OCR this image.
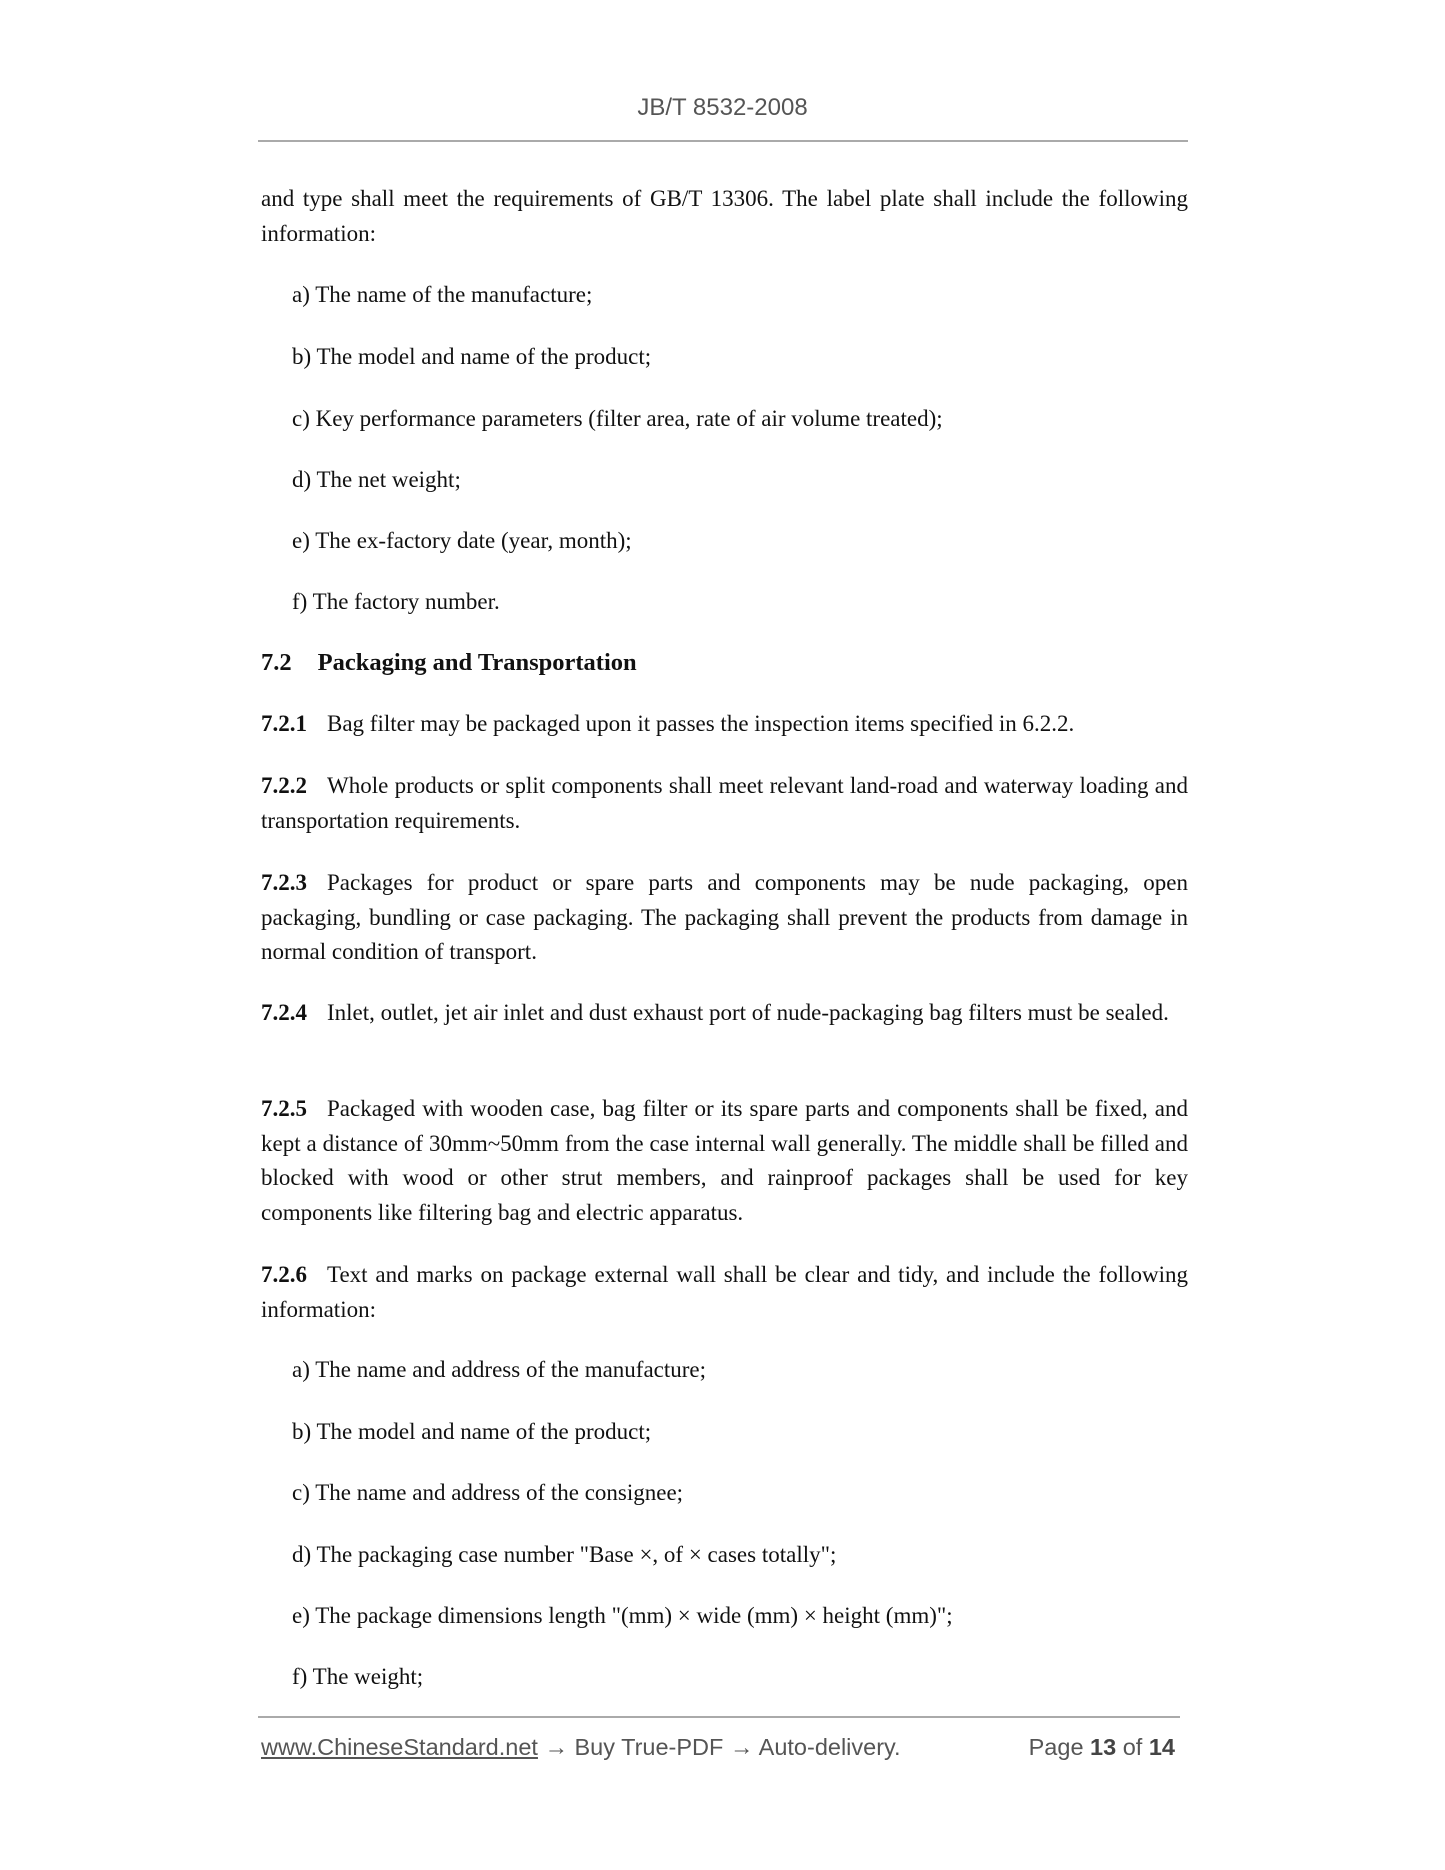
JB/T 8532-2008

and type shall meet the requirements of GB/T 13306. The label plate shall include the following information:

a) The name of the manufacture;

b) The model and name of the product;

c) Key performance parameters (filter area, rate of air volume treated);

d) The net weight;

e) The ex-factory date (year, month);

f) The factory number.

7.2 Packaging and Transportation

7.2.1 Bag filter may be packaged upon it passes the inspection items specified in 6.2.2.

7.2.2 Whole products or split components shall meet relevant land-road and waterway loading and transportation requirements.

7.2.3 Packages for product or spare parts and components may be nude packaging, open packaging, bundling or case packaging. The packaging shall prevent the products from damage in normal condition of transport.

7.2.4 Inlet, outlet, jet air inlet and dust exhaust port of nude-packaging bag filters must be sealed.

7.2.5 Packaged with wooden case, bag filter or its spare parts and components shall be fixed, and kept a distance of 30mm~50mm from the case internal wall generally. The middle shall be filled and blocked with wood or other strut members, and rainproof packages shall be used for key components like filtering bag and electric apparatus.

7.2.6 Text and marks on package external wall shall be clear and tidy, and include the following information:

a) The name and address of the manufacture;

b) The model and name of the product;

c) The name and address of the consignee;

d) The packaging case number "Base ×, of × cases totally";

e) The package dimensions length "(mm) × wide (mm) × height (mm)";

f) The weight;

www.ChineseStandard.net → Buy True-PDF → Auto-delivery.	Page 13 of 14
